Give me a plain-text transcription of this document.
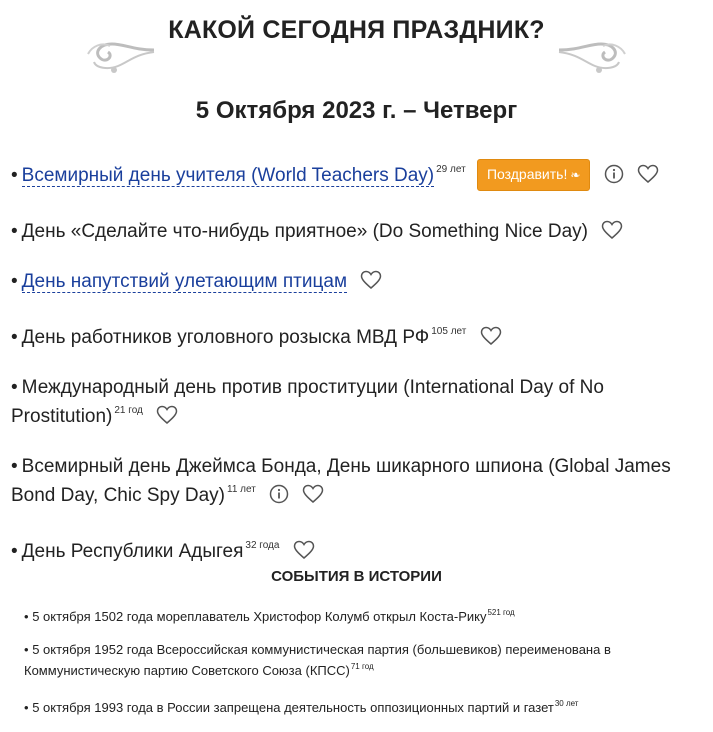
КАКОЙ СЕГОДНЯ ПРАЗДНИК?
5 Октября 2023 г. – Четверг
• Всемирный день учителя (World Teachers Day) $^{29 лет}$ Поздравить! ❧
• День «Сделайте что-нибудь приятное» (Do Something Nice Day)
• День напутствий улетающим птицам
• День работников уголовного розыска МВД РФ $^{105 лет}$
• Международный день против проституции (International Day of No Prostitution) $^{21 год}$
• Всемирный день Джеймса Бонда, День шикарного шпиона (Global James Bond Day, Chic Spy Day) $^{11 лет}$
• День Республики Адыгея $^{32 года}$
СОБЫТИЯ В ИСТОРИИ
• 5 октября 1502 года мореплаватель Христофор Колумб открыл Коста-Рику$^{521 год}$
• 5 октября 1952 года Всероссийская коммунистическая партия (большевиков) переименована в Коммунистическую партию Советского Союза (КПСС)$^{71 год}$
• 5 октября 1993 года в России запрещена деятельность оппозиционных партий и газет$^{30 лет}$
